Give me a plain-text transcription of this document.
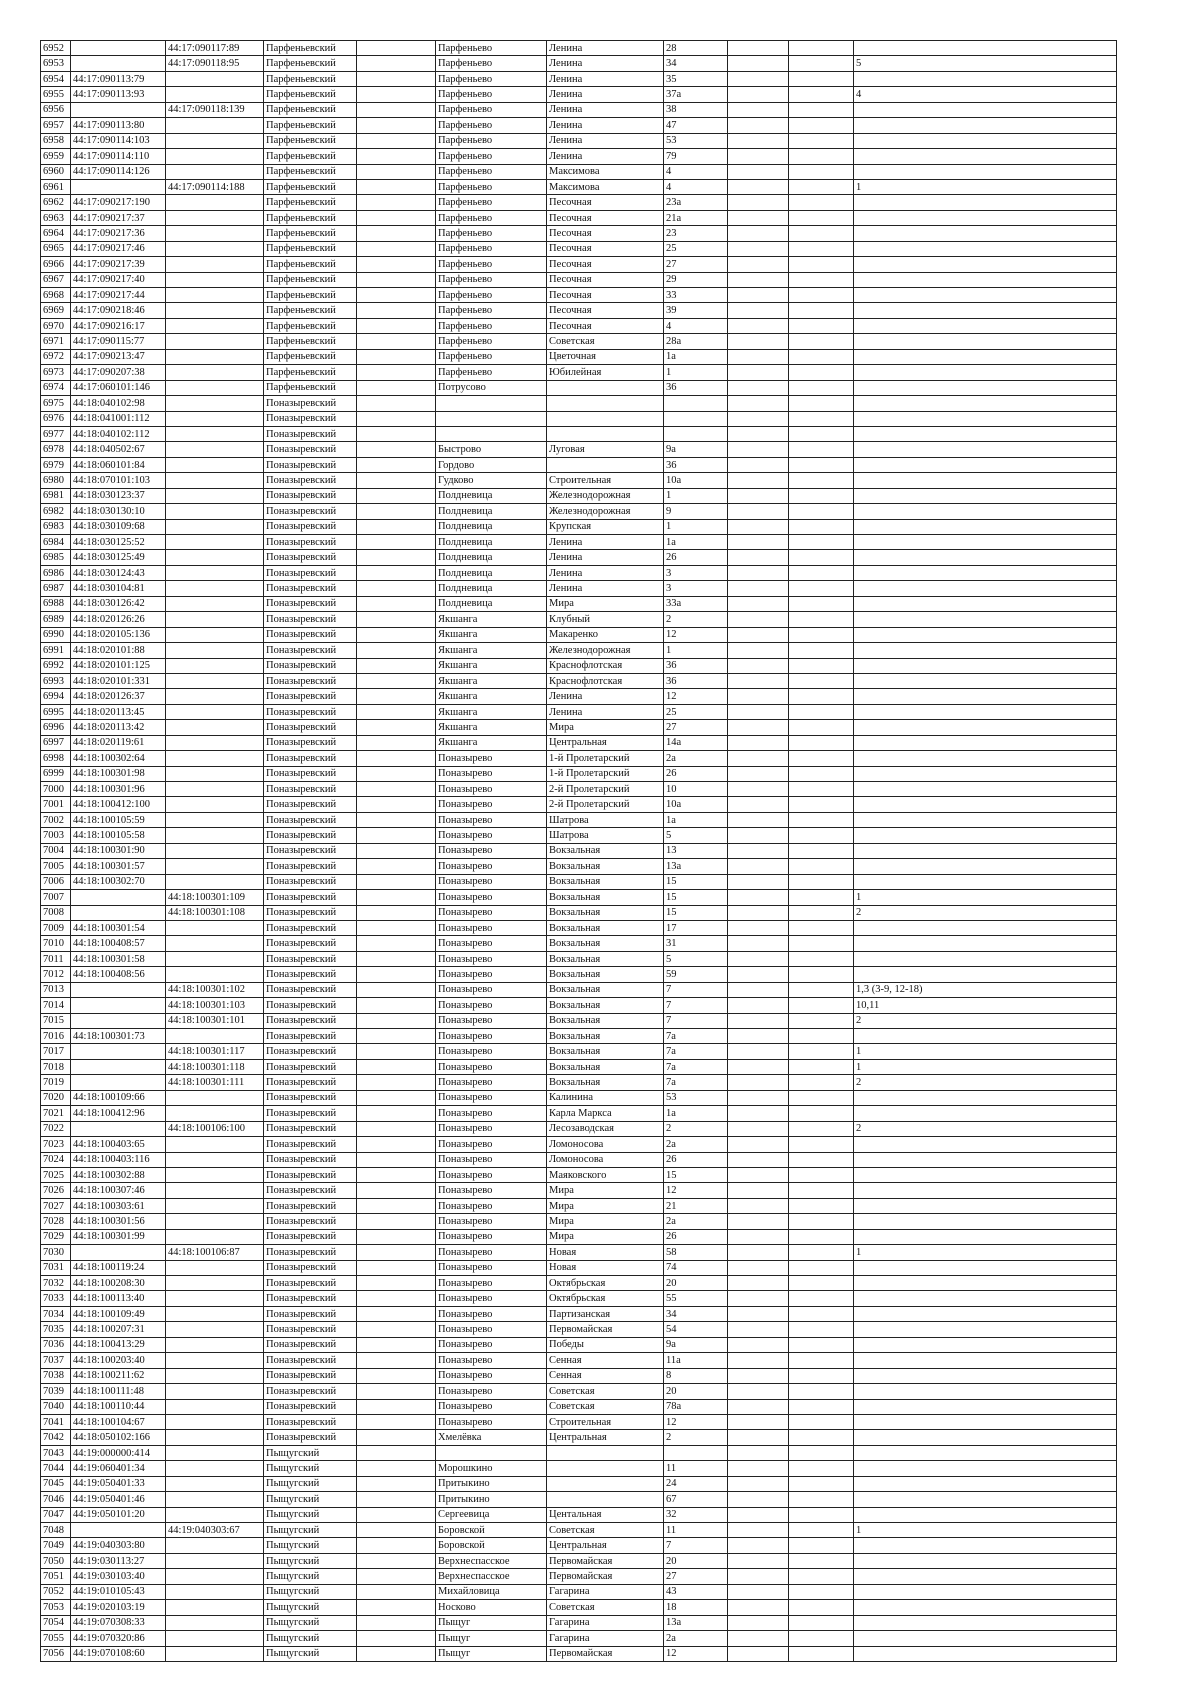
6952		44:17:090117:89	Парфеньевский		Парфеньево	Ленина	28			
6953		44:17:090118:95	Парфеньевский		Парфеньево	Ленина	34			5
6954	44:17:090113:79		Парфеньевский		Парфеньево	Ленина	35			
6955	44:17:090113:93		Парфеньевский		Парфеньево	Ленина	37а			4
6956		44:17:090118:139	Парфеньевский		Парфеньево	Ленина	38			
6957	44:17:090113:80		Парфеньевский		Парфеньево	Ленина	47			
6958	44:17:090114:103		Парфеньевский		Парфеньево	Ленина	53			
6959	44:17:090114:110		Парфеньевский		Парфеньево	Ленина	79			
6960	44:17:090114:126		Парфеньевский		Парфеньево	Максимова	4			
6961		44:17:090114:188	Парфеньевский		Парфеньево	Максимова	4			1
6962	44:17:090217:190		Парфеньевский		Парфеньево	Песочная	23а			
6963	44:17:090217:37		Парфеньевский		Парфеньево	Песочная	21а			
6964	44:17:090217:36		Парфеньевский		Парфеньево	Песочная	23			
6965	44:17:090217:46		Парфеньевский		Парфеньево	Песочная	25			
6966	44:17:090217:39		Парфеньевский		Парфеньево	Песочная	27			
6967	44:17:090217:40		Парфеньевский		Парфеньево	Песочная	29			
6968	44:17:090217:44		Парфеньевский		Парфеньево	Песочная	33			
6969	44:17:090218:46		Парфеньевский		Парфеньево	Песочная	39			
6970	44:17:090216:17		Парфеньевский		Парфеньево	Песочная	4			
6971	44:17:090115:77		Парфеньевский		Парфеньево	Советская	28а			
6972	44:17:090213:47		Парфеньевский		Парфеньево	Цветочная	1а			
6973	44:17:090207:38		Парфеньевский		Парфеньево	Юбилейная	1			
6974	44:17:060101:146		Парфеньевский		Потрусово		36			
6975	44:18:040102:98		Поназыревский							
6976	44:18:041001:112		Поназыревский							
6977	44:18:040102:112		Поназыревский							
6978	44:18:040502:67		Поназыревский		Быстрово	Луговая	9а			
6979	44:18:060101:84		Поназыревский		Гордово		36			
6980	44:18:070101:103		Поназыревский		Гудково	Строительная	10а			
6981	44:18:030123:37		Поназыревский		Полдневица	Железнодорожная	1			
6982	44:18:030130:10		Поназыревский		Полдневица	Железнодорожная	9			
6983	44:18:030109:68		Поназыревский		Полдневица	Крупская	1			
6984	44:18:030125:52		Поназыревский		Полдневица	Ленина	1а			
6985	44:18:030125:49		Поназыревский		Полдневица	Ленина	26			
6986	44:18:030124:43		Поназыревский		Полдневица	Ленина	3			
6987	44:18:030104:81		Поназыревский		Полдневица	Ленина	3			
6988	44:18:030126:42		Поназыревский		Полдневица	Мира	33а			
6989	44:18:020126:26		Поназыревский		Якшанга	Клубный	2			
6990	44:18:020105:136		Поназыревский		Якшанга	Макаренко	12			
6991	44:18:020101:88		Поназыревский		Якшанга	Железнодорожная	1			
6992	44:18:020101:125		Поназыревский		Якшанга	Краснофлотская	36			
6993	44:18:020101:331		Поназыревский		Якшанга	Краснофлотская	36			
6994	44:18:020126:37		Поназыревский		Якшанга	Ленина	12			
6995	44:18:020113:45		Поназыревский		Якшанга	Ленина	25			
6996	44:18:020113:42		Поназыревский		Якшанга	Мира	27			
6997	44:18:020119:61		Поназыревский		Якшанга	Центральная	14а			
6998	44:18:100302:64		Поназыревский		Поназырево	1-й Пролетарский	2а			
6999	44:18:100301:98		Поназыревский		Поназырево	1-й Пролетарский	26			
7000	44:18:100301:96		Поназыревский		Поназырево	2-й Пролетарский	10			
7001	44:18:100412:100		Поназыревский		Поназырево	2-й Пролетарский	10а			
7002	44:18:100105:59		Поназыревский		Поназырево	Шатрова	1а			
7003	44:18:100105:58		Поназыревский		Поназырево	Шатрова	5			
7004	44:18:100301:90		Поназыревский		Поназырево	Вокзальная	13			
7005	44:18:100301:57		Поназыревский		Поназырево	Вокзальная	13а			
7006	44:18:100302:70		Поназыревский		Поназырево	Вокзальная	15			
7007		44:18:100301:109	Поназыревский		Поназырево	Вокзальная	15			1
7008		44:18:100301:108	Поназыревский		Поназырево	Вокзальная	15			2
7009	44:18:100301:54		Поназыревский		Поназырево	Вокзальная	17			
7010	44:18:100408:57		Поназыревский		Поназырево	Вокзальная	31			
7011	44:18:100301:58		Поназыревский		Поназырево	Вокзальная	5			
7012	44:18:100408:56		Поназыревский		Поназырево	Вокзальная	59			
7013		44:18:100301:102	Поназыревский		Поназырево	Вокзальная	7			1,3 (3-9, 12-18)
7014		44:18:100301:103	Поназыревский		Поназырево	Вокзальная	7			10,11
7015		44:18:100301:101	Поназыревский		Поназырево	Вокзальная	7			2
7016	44:18:100301:73		Поназыревский		Поназырево	Вокзальная	7а			
7017		44:18:100301:117	Поназыревский		Поназырево	Вокзальная	7а			1
7018		44:18:100301:118	Поназыревский		Поназырево	Вокзальная	7а			1
7019		44:18:100301:111	Поназыревский		Поназырево	Вокзальная	7а			2
7020	44:18:100109:66		Поназыревский		Поназырево	Калинина	53			
7021	44:18:100412:96		Поназыревский		Поназырево	Карла Маркса	1а			
7022		44:18:100106:100	Поназыревский		Поназырево	Лесозаводская	2			2
7023	44:18:100403:65		Поназыревский		Поназырево	Ломоносова	2а			
7024	44:18:100403:116		Поназыревский		Поназырево	Ломоносова	26			
7025	44:18:100302:88		Поназыревский		Поназырево	Маяковского	15			
7026	44:18:100307:46		Поназыревский		Поназырево	Мира	12			
7027	44:18:100303:61		Поназыревский		Поназырево	Мира	21			
7028	44:18:100301:56		Поназыревский		Поназырево	Мира	2а			
7029	44:18:100301:99		Поназыревский		Поназырево	Мира	26			
7030		44:18:100106:87	Поназыревский		Поназырево	Новая	58			1
7031	44:18:100119:24		Поназыревский		Поназырево	Новая	74			
7032	44:18:100208:30		Поназыревский		Поназырево	Октябрьская	20			
7033	44:18:100113:40		Поназыревский		Поназырево	Октябрьская	55			
7034	44:18:100109:49		Поназыревский		Поназырево	Партизанская	34			
7035	44:18:100207:31		Поназыревский		Поназырево	Первомайская	54			
7036	44:18:100413:29		Поназыревский		Поназырево	Победы	9а			
7037	44:18:100203:40		Поназыревский		Поназырево	Сенная	11а			
7038	44:18:100211:62		Поназыревский		Поназырево	Сенная	8			
7039	44:18:100111:48		Поназыревский		Поназырево	Советская	20			
7040	44:18:100110:44		Поназыревский		Поназырево	Советская	78а			
7041	44:18:100104:67		Поназыревский		Поназырево	Строительная	12			
7042	44:18:050102:166		Поназыревский		Хмелёвка	Центральная	2			
7043	44:19:000000:414		Пыщугский							
7044	44:19:060401:34		Пыщугский		Морошкино		11			
7045	44:19:050401:33		Пыщугский		Притыкино		24			
7046	44:19:050401:46		Пыщугский		Притыкино		67			
7047	44:19:050101:20		Пыщугский		Сергеевица	Центальная	32			
7048		44:19:040303:67	Пыщугский		Боровской	Советская	11			1
7049	44:19:040303:80		Пыщугский		Боровской	Центральная	7			
7050	44:19:030113:27		Пыщугский		Верхнеспасское	Первомайская	20			
7051	44:19:030103:40		Пыщугский		Верхнеспасское	Первомайская	27			
7052	44:19:010105:43		Пыщугский		Михайловица	Гагарина	43			
7053	44:19:020103:19		Пыщугский		Носково	Советская	18			
7054	44:19:070308:33		Пыщугский		Пыщуг	Гагарина	13а			
7055	44:19:070320:86		Пыщугский		Пыщуг	Гагарина	2а			
7056	44:19:070108:60		Пыщугский		Пыщуг	Первомайская	12			
